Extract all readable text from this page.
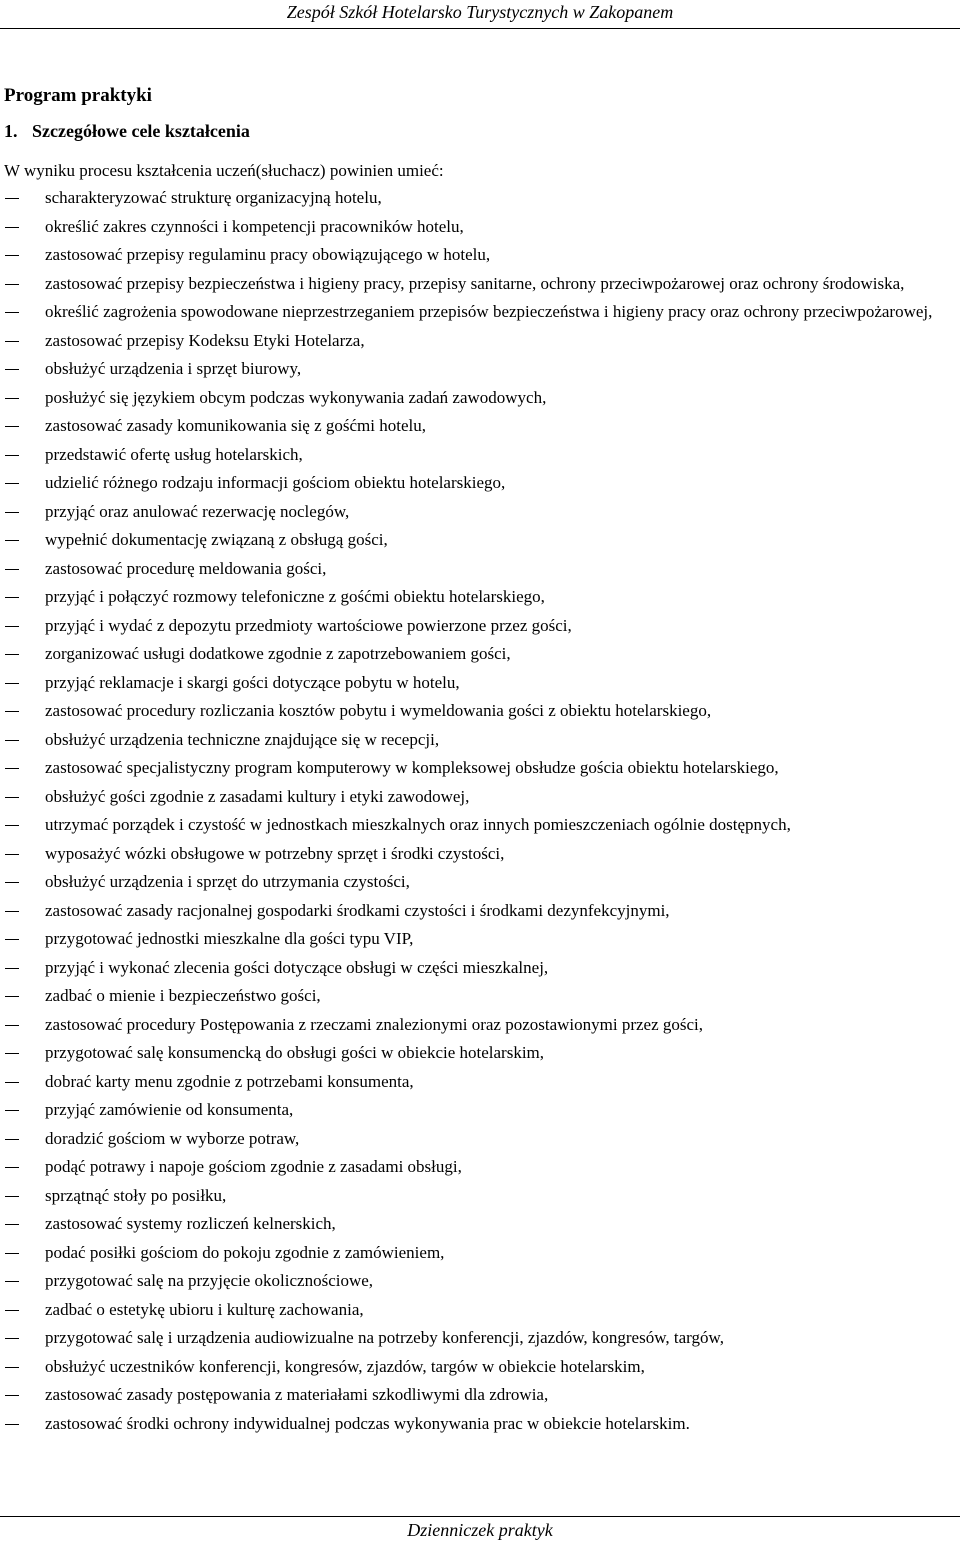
Zespół Szkół Hotelarsko Turystycznych w Zakopanem
Program praktyki
1. Szczegółowe cele kształcenia
W wyniku procesu kształcenia uczeń(słuchacz) powinien umieć:
scharakteryzować strukturę organizacyjną hotelu,
określić zakres czynności i kompetencji pracowników hotelu,
zastosować przepisy regulaminu pracy obowiązującego w hotelu,
zastosować przepisy bezpieczeństwa i higieny pracy, przepisy sanitarne, ochrony przeciwpożarowej oraz ochrony środowiska,
określić zagrożenia spowodowane nieprzestrzeganiem przepisów bezpieczeństwa i higieny pracy oraz ochrony przeciwpożarowej,
zastosować przepisy Kodeksu Etyki Hotelarza,
obsłużyć urządzenia i sprzęt biurowy,
posłużyć się językiem obcym podczas wykonywania zadań zawodowych,
zastosować zasady komunikowania się z gośćmi hotelu,
przedstawić ofertę usług hotelarskich,
udzielić różnego rodzaju informacji gościom obiektu hotelarskiego,
przyjąć oraz anulować rezerwację noclegów,
wypełnić dokumentację związaną z obsługą gości,
zastosować procedurę meldowania gości,
przyjąć i połączyć rozmowy telefoniczne z gośćmi obiektu hotelarskiego,
przyjąć i wydać z depozytu przedmioty wartościowe powierzone przez gości,
zorganizować usługi dodatkowe zgodnie z zapotrzebowaniem gości,
przyjąć reklamacje i skargi gości dotyczące pobytu w hotelu,
zastosować procedury rozliczania kosztów pobytu i wymeldowania gości z obiektu hotelarskiego,
obsłużyć urządzenia techniczne znajdujące się w recepcji,
zastosować specjalistyczny program komputerowy w kompleksowej obsłudze gościa obiektu hotelarskiego,
obsłużyć gości zgodnie z zasadami kultury i etyki zawodowej,
utrzymać porządek i czystość w jednostkach mieszkalnych oraz innych pomieszczeniach ogólnie dostępnych,
wyposażyć wózki obsługowe w potrzebny sprzęt i środki czystości,
obsłużyć urządzenia i sprzęt do utrzymania czystości,
zastosować zasady racjonalnej gospodarki środkami czystości i środkami dezynfekcyjnymi,
przygotować jednostki mieszkalne dla gości typu VIP,
przyjąć i wykonać zlecenia gości dotyczące obsługi w części mieszkalnej,
zadbać o mienie i bezpieczeństwo gości,
zastosować procedury Postępowania z rzeczami znalezionymi oraz pozostawionymi przez gości,
przygotować salę konsumencką do obsługi gości w obiekcie hotelarskim,
dobrać karty menu zgodnie z potrzebami konsumenta,
przyjąć zamówienie od konsumenta,
doradzić gościom w wyborze potraw,
podąć potrawy i napoje gościom zgodnie z zasadami obsługi,
sprzątnąć stoły po posiłku,
zastosować systemy rozliczeń kelnerskich,
podać posiłki gościom do pokoju zgodnie z zamówieniem,
przygotować salę na przyjęcie okolicznościowe,
zadbać o estetykę ubioru i kulturę zachowania,
przygotować salę i urządzenia audiowizualne na potrzeby konferencji, zjazdów, kongresów, targów,
obsłużyć uczestników konferencji, kongresów, zjazdów, targów w obiekcie hotelarskim,
zastosować zasady postępowania z materiałami szkodliwymi dla zdrowia,
zastosować środki ochrony indywidualnej podczas wykonywania prac w obiekcie hotelarskim.
Dzienniczek praktyk
